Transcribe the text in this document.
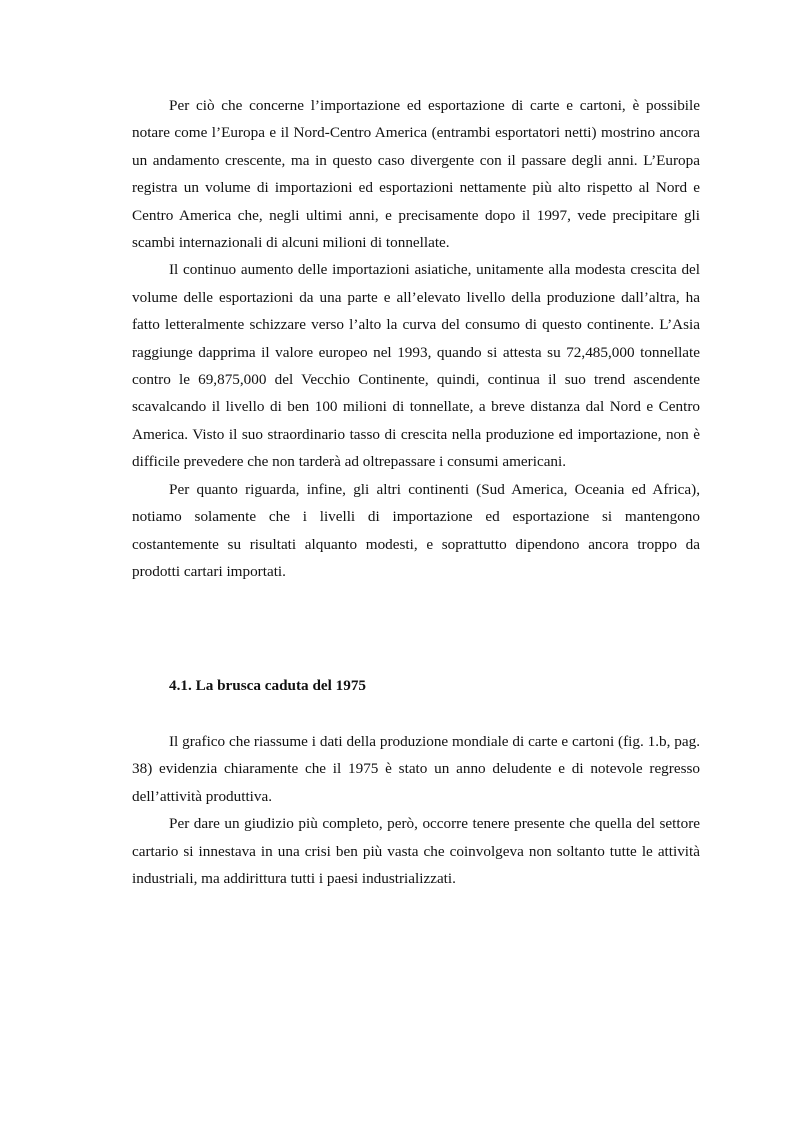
Per ciò che concerne l’importazione ed esportazione di carte e cartoni, è possibile notare come l’Europa e il Nord-Centro America (entrambi esportatori netti) mostrino ancora un andamento crescente, ma in questo caso divergente con il passare degli anni. L’Europa registra un volume di importazioni ed esportazioni nettamente più alto rispetto al Nord e Centro America che, negli ultimi anni, e precisamente dopo il 1997, vede precipitare gli scambi internazionali di alcuni milioni di tonnellate.

Il continuo aumento delle importazioni asiatiche, unitamente alla modesta crescita del volume delle esportazioni da una parte e all’elevato livello della produzione dall’altra, ha fatto letteralmente schizzare verso l’alto la curva del consumo di questo continente. L’Asia raggiunge dapprima il valore europeo nel 1993, quando si attesta su 72,485,000 tonnellate contro le 69,875,000 del Vecchio Continente, quindi, continua il suo trend ascendente scavalcando il livello di ben 100 milioni di tonnellate, a breve distanza dal Nord e Centro America. Visto il suo straordinario tasso di crescita nella produzione ed importazione, non è difficile prevedere che non tarderà ad oltrepassare i consumi americani.

Per quanto riguarda, infine, gli altri continenti (Sud America, Oceania ed Africa), notiamo solamente che i livelli di importazione ed esportazione si mantengono costantemente su risultati alquanto modesti, e soprattutto dipendono ancora troppo da prodotti cartari importati.

4.1. La brusca caduta del 1975

Il grafico che riassume i dati della produzione mondiale di carte e cartoni (fig. 1.b, pag. 38) evidenzia chiaramente che il 1975 è stato un anno deludente e di notevole regresso dell’attività produttiva.

Per dare un giudizio più completo, però, occorre tenere presente che quella del settore cartario si innestava in una crisi ben più vasta che coinvolgeva non soltanto tutte le attività industriali, ma addirittura tutti i paesi industrializzati.
